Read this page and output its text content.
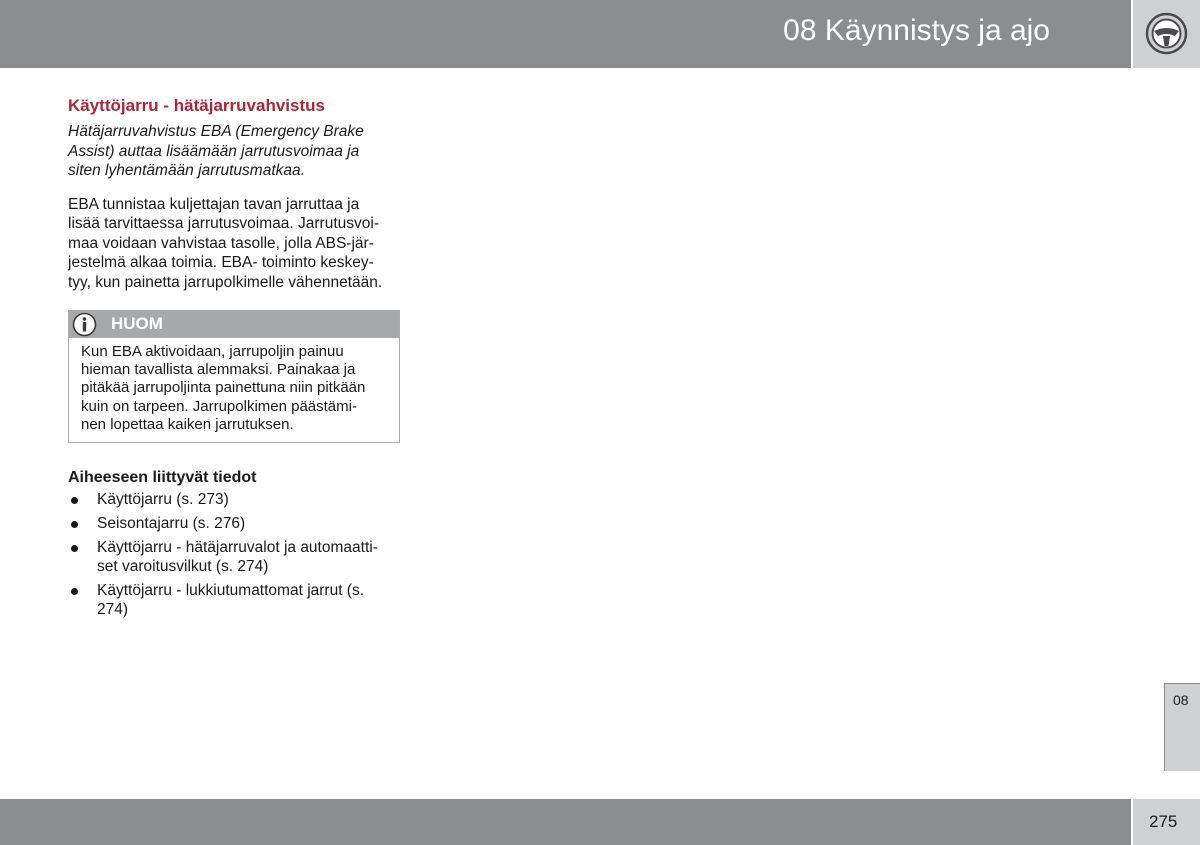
08 Käynnistys ja ajo
Käyttöjarru - hätäjarruvahvistus
Hätäjarruvahvistus EBA (Emergency Brake
Assist) auttaa lisäämään jarrutusvoimaa ja
siten lyhentämään jarrutusmatkaa.
EBA tunnistaa kuljettajan tavan jarruttaa ja
lisää tarvittaessa jarrutusvoimaa. Jarrutusvoi-
maa voidaan vahvistaa tasolle, jolla ABS-jär-
jestelmä alkaa toimia. EBA- toiminto keskey-
tyy, kun painetta jarrupolkimelle vähennetään.
HUOM
Kun EBA aktivoidaan, jarrupoljin painuu
hieman tavallista alemmaksi. Painakaa ja
pitäkää jarrupoljinta painettuna niin pitkään
kuin on tarpeen. Jarrupolkimen päästämi-
nen lopettaa kaiken jarrutuksen.
Aiheeseen liittyvät tiedot
Käyttöjarru (s. 273)
Seisontajarru (s. 276)
Käyttöjarru - hätäjarruvalot ja automaatti-
set varoitusvilkut (s. 274)
Käyttöjarru - lukkiutumattomat jarrut (s.
274)
08
275
